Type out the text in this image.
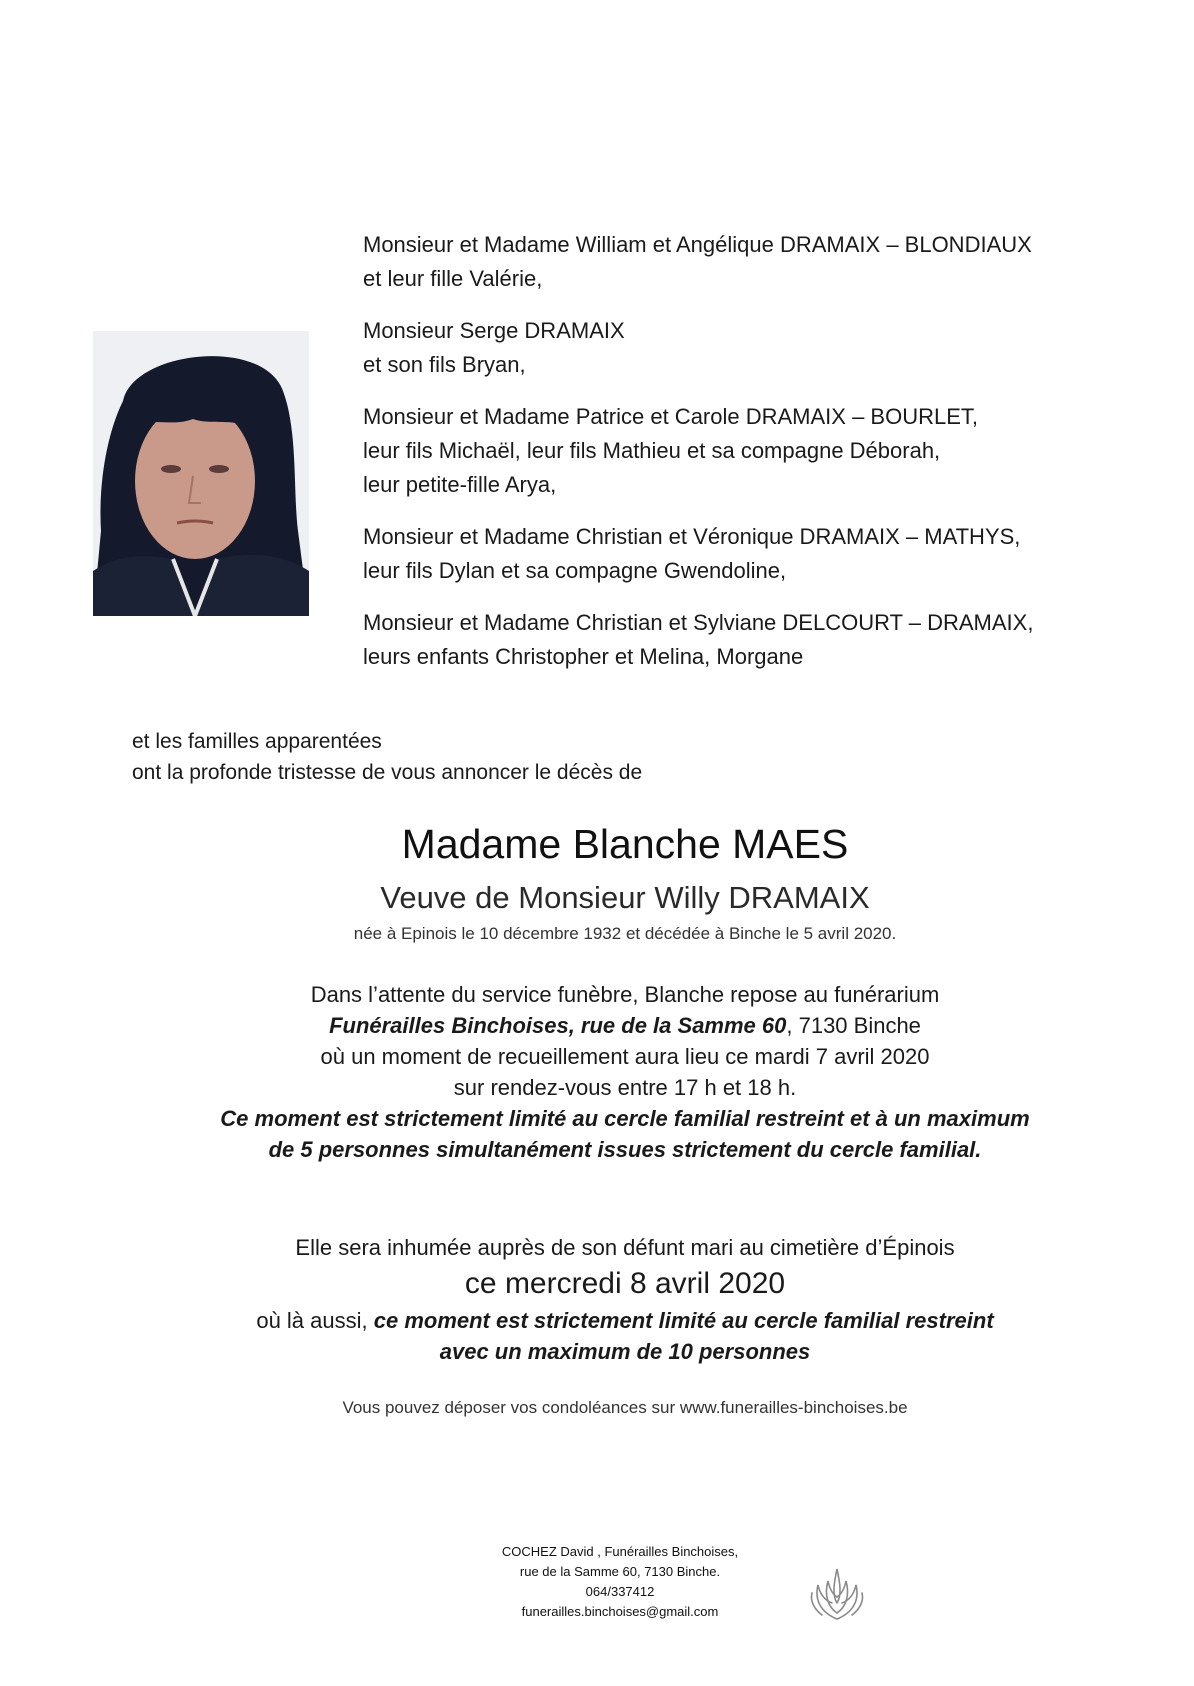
Monsieur et Madame William et Angélique DRAMAIX – BLONDIAUX
et leur fille Valérie,
Monsieur Serge DRAMAIX
et son fils Bryan,
Monsieur et Madame Patrice et Carole DRAMAIX – BOURLET,
leur fils Michaël, leur fils Mathieu et sa compagne Déborah,
leur petite-fille Arya,
Monsieur et Madame Christian et Véronique DRAMAIX – MATHYS,
leur fils Dylan et sa compagne Gwendoline,
Monsieur et Madame Christian et Sylviane DELCOURT – DRAMAIX,
leurs enfants Christopher et Melina, Morgane
et les familles apparentées
ont la profonde tristesse de vous annoncer le décès de
Madame Blanche MAES
Veuve de Monsieur Willy DRAMAIX
née à Epinois le 10 décembre 1932 et décédée à Binche le 5 avril 2020.
Dans l’attente du service funèbre, Blanche repose au funérarium
Funérailles Binchoises, rue de la Samme 60, 7130 Binche
où un moment de recueillement aura lieu ce mardi 7 avril 2020
sur rendez-vous entre 17 h et 18 h.
Ce moment est strictement limité au cercle familial restreint et à un maximum
de 5 personnes simultanément issues strictement du cercle familial.
Elle sera inhumée auprès de son défunt mari au cimetière d’Épinois
ce mercredi 8 avril 2020
où là aussi, ce moment est strictement limité au cercle familial restreint
avec un maximum de 10 personnes
Vous pouvez déposer vos condoléances sur www.funerailles-binchoises.be
COCHEZ David , Funérailles Binchoises,
rue de la Samme 60, 7130 Binche.
064/337412
funerailles.binchoises@gmail.com
